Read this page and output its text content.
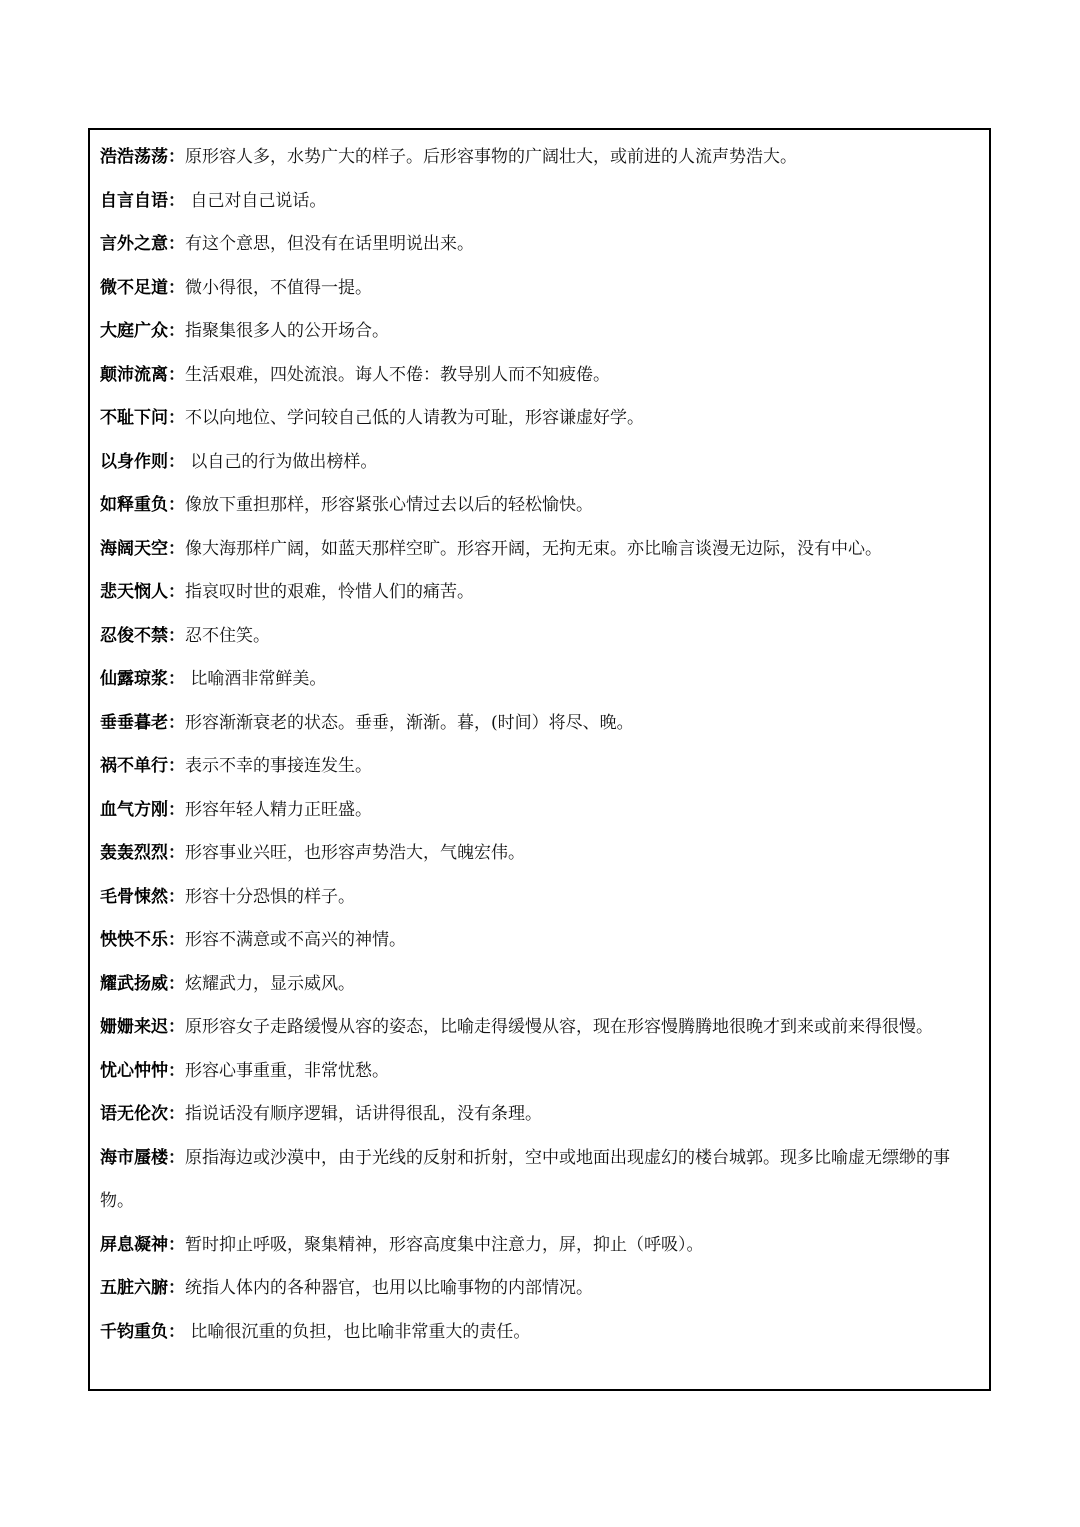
浩浩荡荡：原形容人多，水势广大的样子。后形容事物的广阔壮大，或前进的人流声势浩大。

自言自语： 自己对自己说话。

言外之意：有这个意思，但没有在话里明说出来。

微不足道：微小得很，不值得一提。

大庭广众：指聚集很多人的公开场合。

颠沛流离：生活艰难，四处流浪。诲人不倦：教导别人而不知疲倦。

不耻下问：不以向地位、学问较自己低的人请教为可耻，形容谦虚好学。

以身作则： 以自己的行为做出榜样。

如释重负：像放下重担那样，形容紧张心情过去以后的轻松愉快。

海阔天空：像大海那样广阔，如蓝天那样空旷。形容开阔，无拘无束。亦比喻言谈漫无边际，没有中心。

悲天悯人：指哀叹时世的艰难，怜惜人们的痛苦。

忍俊不禁：忍不住笑。

仙露琼浆： 比喻酒非常鲜美。

垂垂暮老：形容渐渐衰老的状态。垂垂，渐渐。暮，(时间）将尽、晚。

祸不单行：表示不幸的事接连发生。

血气方刚：形容年轻人精力正旺盛。

轰轰烈烈：形容事业兴旺，也形容声势浩大，气魄宏伟。

毛骨悚然：形容十分恐惧的样子。

怏怏不乐：形容不满意或不高兴的神情。

耀武扬威：炫耀武力，显示威风。

姗姗来迟：原形容女子走路缓慢从容的姿态，比喻走得缓慢从容，现在形容慢腾腾地很晚才到来或前来得很慢。

忧心忡忡：形容心事重重，非常忧愁。

语无伦次：指说话没有顺序逻辑，话讲得很乱，没有条理。

海市蜃楼：原指海边或沙漠中，由于光线的反射和折射，空中或地面出现虚幻的楼台城郭。现多比喻虚无缥缈的事物。

屏息凝神：暂时抑止呼吸，聚集精神，形容高度集中注意力，屏，抑止（呼吸）。

五脏六腑：统指人体内的各种器官，也用以比喻事物的内部情况。

千钧重负： 比喻很沉重的负担，也比喻非常重大的责任。
